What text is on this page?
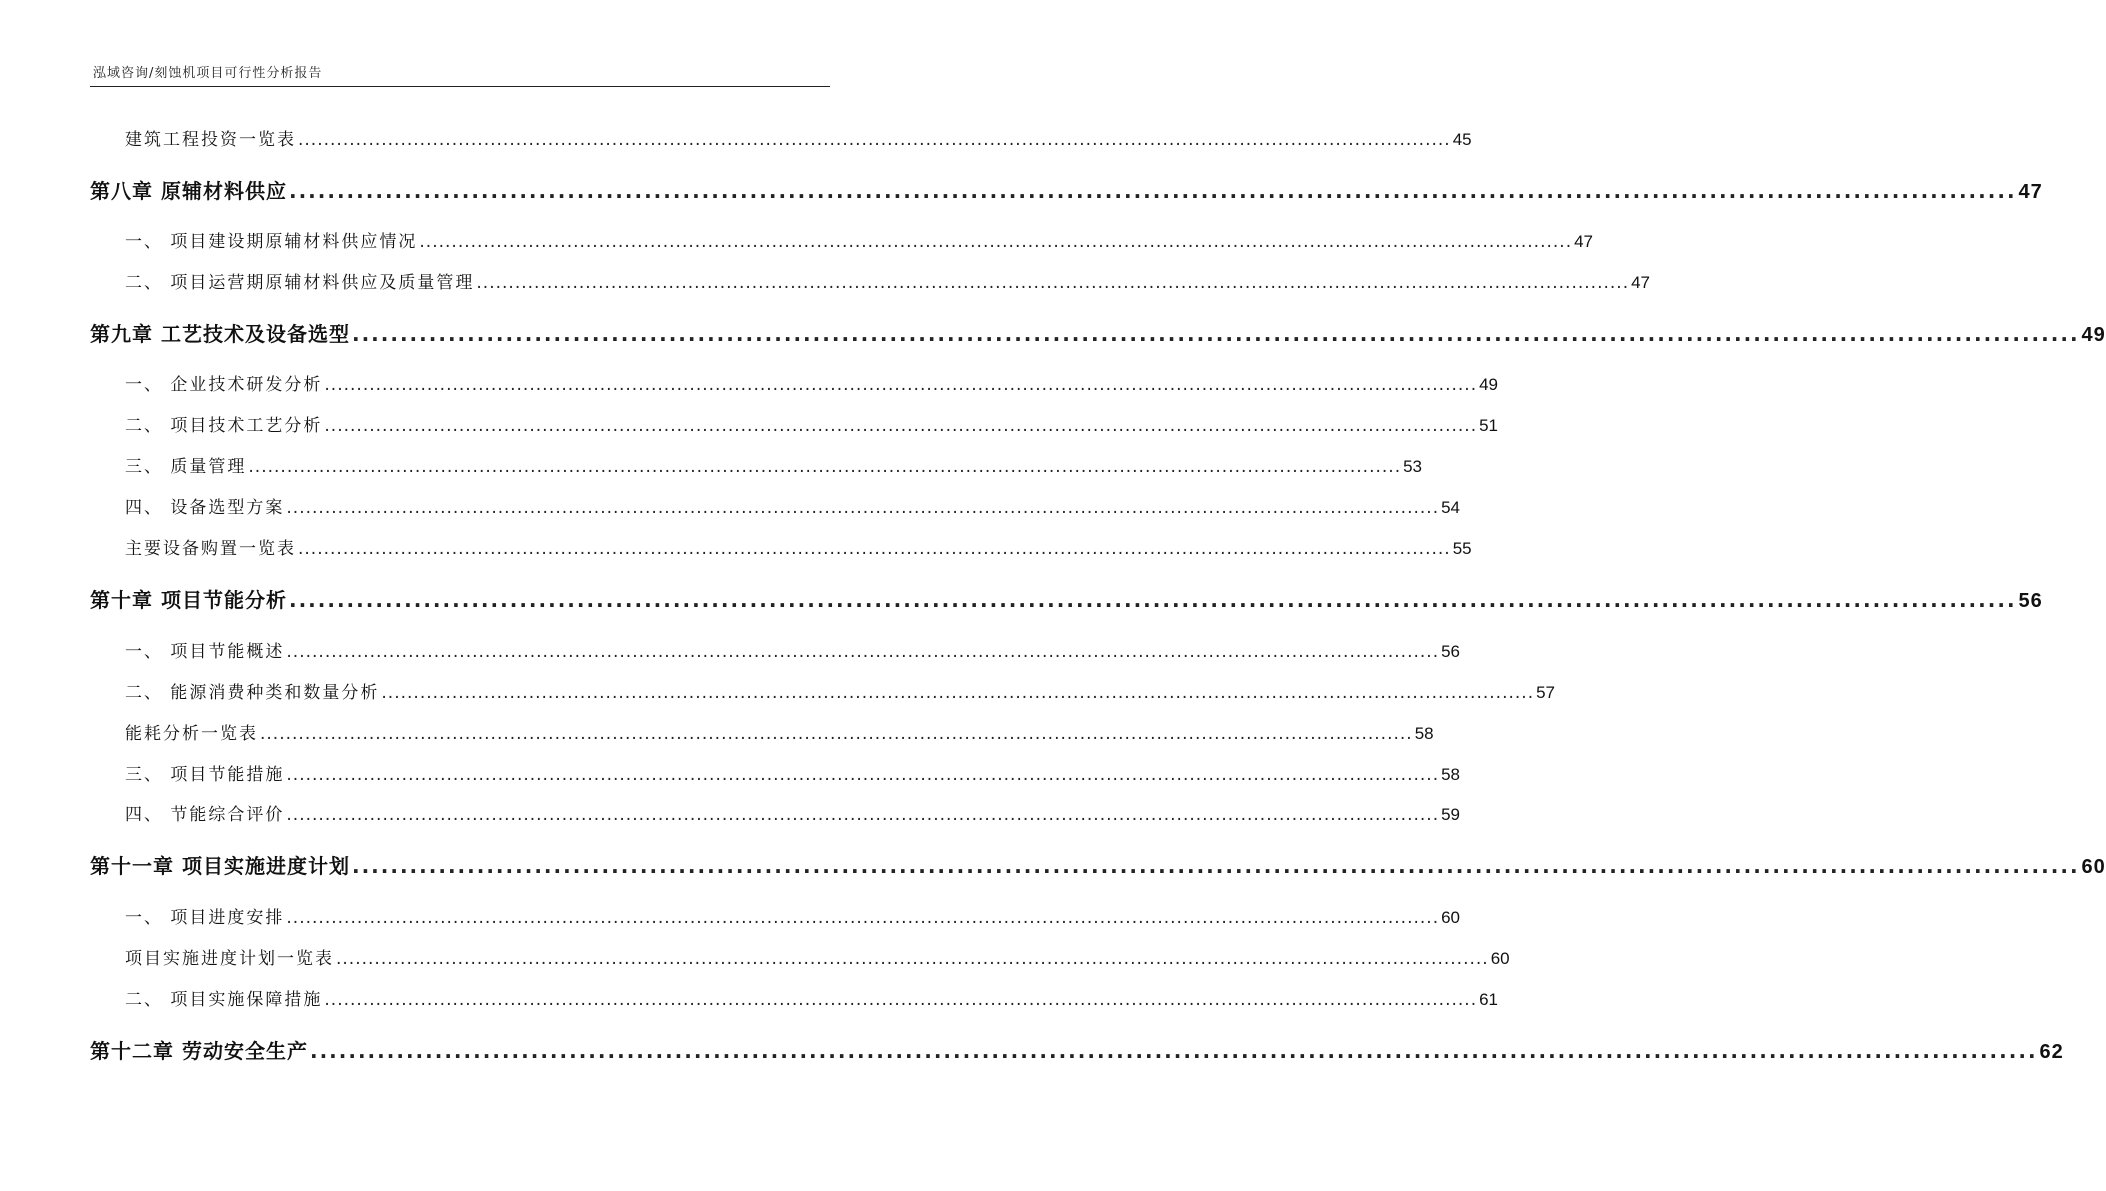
泓域咨询/刻蚀机项目可行性分析报告
建筑工程投资一览表 .................................................................................................................................................................................... 45
第八章 原辅材料供应 .................................................................................................................................................................................... 47
一、 项目建设期原辅材料供应情况 .................................................................................................................................................................................... 47
二、 项目运营期原辅材料供应及质量管理 .................................................................................................................................................................................... 47
第九章 工艺技术及设备选型 .................................................................................................................................................................................... 49
一、 企业技术研发分析 .................................................................................................................................................................................... 49
二、 项目技术工艺分析 .................................................................................................................................................................................... 51
三、 质量管理 .................................................................................................................................................................................... 53
四、 设备选型方案 .................................................................................................................................................................................... 54
主要设备购置一览表 .................................................................................................................................................................................... 55
第十章 项目节能分析 .................................................................................................................................................................................... 56
一、 项目节能概述 .................................................................................................................................................................................... 56
二、 能源消费种类和数量分析 .................................................................................................................................................................................... 57
能耗分析一览表 .................................................................................................................................................................................... 58
三、 项目节能措施 .................................................................................................................................................................................... 58
四、 节能综合评价 .................................................................................................................................................................................... 59
第十一章 项目实施进度计划 .................................................................................................................................................................................... 60
一、 项目进度安排 .................................................................................................................................................................................... 60
项目实施进度计划一览表 .................................................................................................................................................................................... 60
二、 项目实施保障措施 .................................................................................................................................................................................... 61
第十二章 劳动安全生产 .................................................................................................................................................................................... 62
